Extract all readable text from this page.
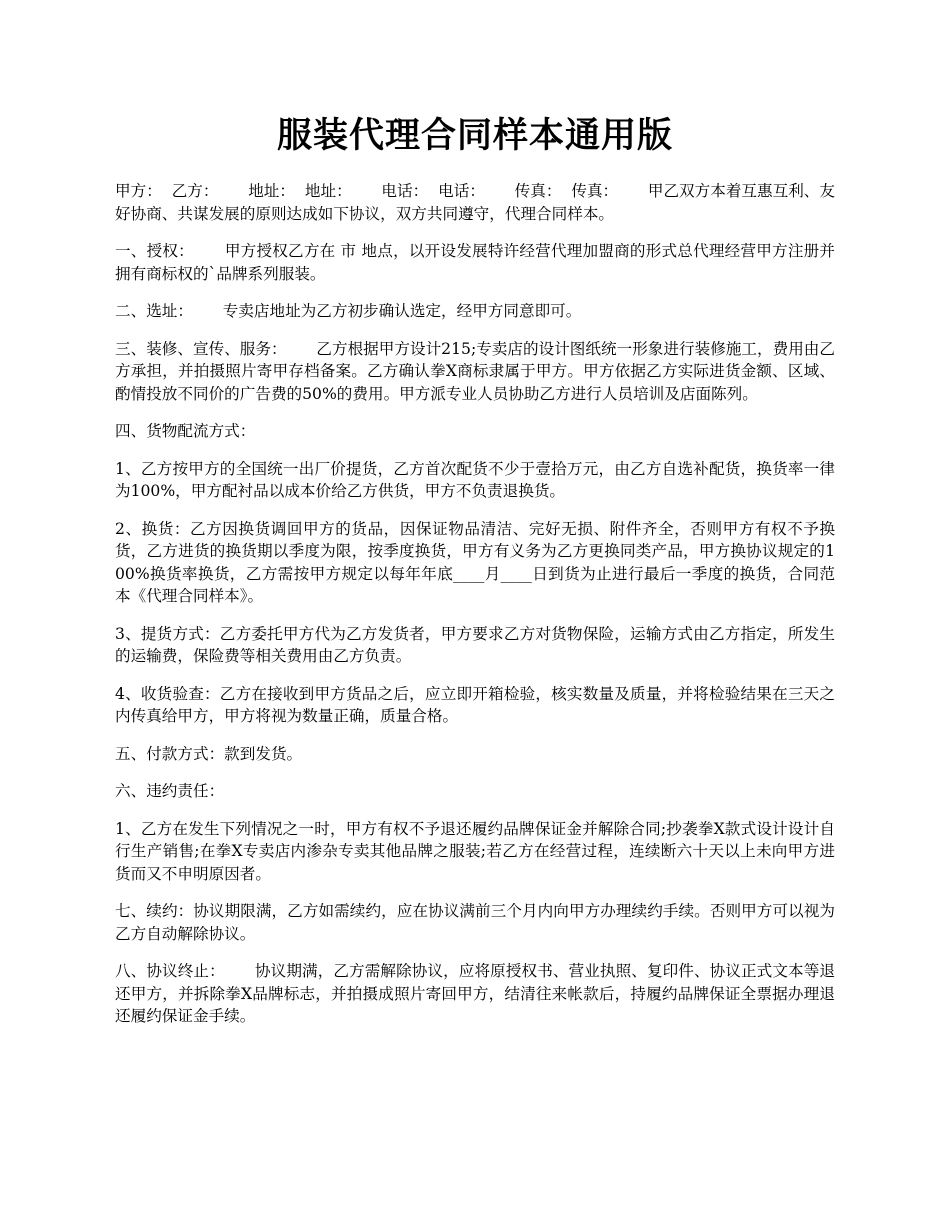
服装代理合同样本通用版

甲方：  乙方：      地址：  地址：      电话：  电话：      传真：  传真：      甲乙双方本着互惠互利、友好协商、共谋发展的原则达成如下协议，双方共同遵守，代理合同样本。

一、授权：      甲方授权乙方在 市 地点，以开设发展特许经营代理加盟商的形式总代理经营甲方注册并拥有商标权的`品牌系列服装。

二、选址：      专卖店地址为乙方初步确认选定，经甲方同意即可。

三、装修、宣传、服务：      乙方根据甲方设计215;专卖店的设计图纸统一形象进行装修施工，费用由乙方承担，并拍摄照片寄甲存档备案。乙方确认拳X商标隶属于甲方。甲方依据乙方实际进货金额、区域、酌情投放不同价的广告费的50%的费用。甲方派专业人员协助乙方进行人员培训及店面陈列。

四、货物配流方式：

1、乙方按甲方的全国统一出厂价提货，乙方首次配货不少于壹拾万元，由乙方自选补配货，换货率一律为100%，甲方配衬品以成本价给乙方供货，甲方不负责退换货。

2、换货：乙方因换货调回甲方的货品，因保证物品清洁、完好无损、附件齐全，否则甲方有权不予换货，乙方进货的换货期以季度为限，按季度换货，甲方有义务为乙方更换同类产品，甲方换协议规定的100%换货率换货，乙方需按甲方规定以每年年底____月____日到货为止进行最后一季度的换货，合同范本《代理合同样本》。

3、提货方式：乙方委托甲方代为乙方发货者，甲方要求乙方对货物保险，运输方式由乙方指定，所发生的运输费，保险费等相关费用由乙方负责。

4、收货验查：乙方在接收到甲方货品之后，应立即开箱检验，核实数量及质量，并将检验结果在三天之内传真给甲方，甲方将视为数量正确，质量合格。

五、付款方式：款到发货。

六、违约责任：

1、乙方在发生下列情况之一时，甲方有权不予退还履约品牌保证金并解除合同;抄袭拳X款式设计设计自行生产销售;在拳X专卖店内渗杂专卖其他品牌之服装;若乙方在经营过程，连续断六十天以上未向甲方进货而又不申明原因者。

七、续约：协议期限满，乙方如需续约，应在协议满前三个月内向甲方办理续约手续。否则甲方可以视为乙方自动解除协议。

八、协议终止：      协议期满，乙方需解除协议，应将原授权书、营业执照、复印件、协议正式文本等退还甲方，并拆除拳X品牌标志，并拍摄成照片寄回甲方，结清往来帐款后，持履约品牌保证全票据办理退还履约保证金手续。
